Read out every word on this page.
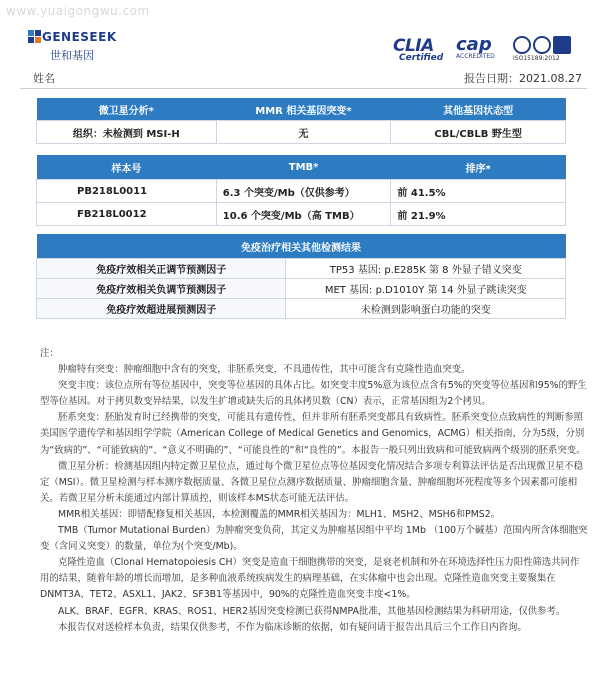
www.yuaigongwu.com
GENESEEK
世和基因	CLIA
Certified
cap
ACCREDITED	ISO15189:2012
姓名	报告日期：2021.08.27
微卫星分析*	MMR 相关基因突变*	其他基因状态型
组织：未检测到 MSI-H	无	CBL/CBLB 野生型
样本号	TMB*	排序*
PB218L0011	6.3 个突变/Mb（仅供参考）	前 41.5%
FB218L0012	10.6 个突变/Mb（高 TMB）	前 21.9%
免疫治疗相关其他检测结果	
免疫疗效相关正调节预测因子	TP53 基因: p.E285K 第 8 外显子错义突变
免疫疗效相关负调节预测因子	MET 基因: p.D1010Y 第 14 外显子跳读突变
免疫疗效超进展预测因子	未检测到影响蛋白功能的突变

注：

肿瘤特有突变：肿瘤细胞中含有的突变，非胚系突变，不具遗传性，其中可能含有克隆性造血突变。

突变丰度：该位点所有等位基因中，突变等位基因的具体占比。如突变丰度5%意为该位点含有5%的突变等位基因和95%的野生型等位基因。对于拷贝数变异结果，以发生扩增或缺失后的具体拷贝数（CN）表示，正常基因组为2个拷贝。

胚系突变：胚胎发育时已经携带的突变，可能具有遗传性，但并非所有胚系突变都具有致病性。胚系突变位点致病性的判断参照美国医学遗传学和基因组学学院（American College of Medical Genetics and Genomics，ACMG）相关指南，分为5级，分别为“致病的”、“可能致病的”、“意义不明确的”、“可能良性的”和“良性的”。本报告一般只列出致病和可能致病两个级别的胚系突变。

微卫星分析：检测基因组内特定微卫星位点，通过每个微卫星位点等位基因变化情况结合多项专利算法评估是否出现微卫星不稳定（MSI）。微卫星检测与样本测序数据质量、各微卫星位点测序数据质量、肿瘤细胞含量、肿瘤细胞坏死程度等多个因素都可能相关。若微卫星分析未能通过内部计算质控，则该样本MS状态可能无法评估。

MMR相关基因：即错配修复相关基因，本检测覆盖的MMR相关基因为：MLH1、MSH2、MSH6和PMS2。

TMB（Tumor Mutational Burden）为肿瘤突变负荷，其定义为肿瘤基因组中平均 1Mb （100万个碱基）范围内所含体细胞突变（含同义突变）的数量，单位为(个突变/Mb)。

克隆性造血（Clonal Hematopoiesis CH）突变是造血干细胞携带的突变，是衰老机制和外在环境选择性压力阳性筛选共同作用的结果，随着年龄的增长而增加，是多种血液系统疾病发生的病理基础，在实体瘤中也会出现。克隆性造血突变主要聚集在DNMT3A、TET2、ASXL1、JAK2、SF3B1等基因中，90%的克隆性造血突变丰度<1%。

ALK、BRAF、EGFR、KRAS、ROS1、HER2基因突变检测已获得NMPA批准，其他基因检测结果为科研用途，仅供参考。

本报告仅对送检样本负责，结果仅供参考，不作为临床诊断的依据，如有疑问请于报告出具后三个工作日内咨询。
